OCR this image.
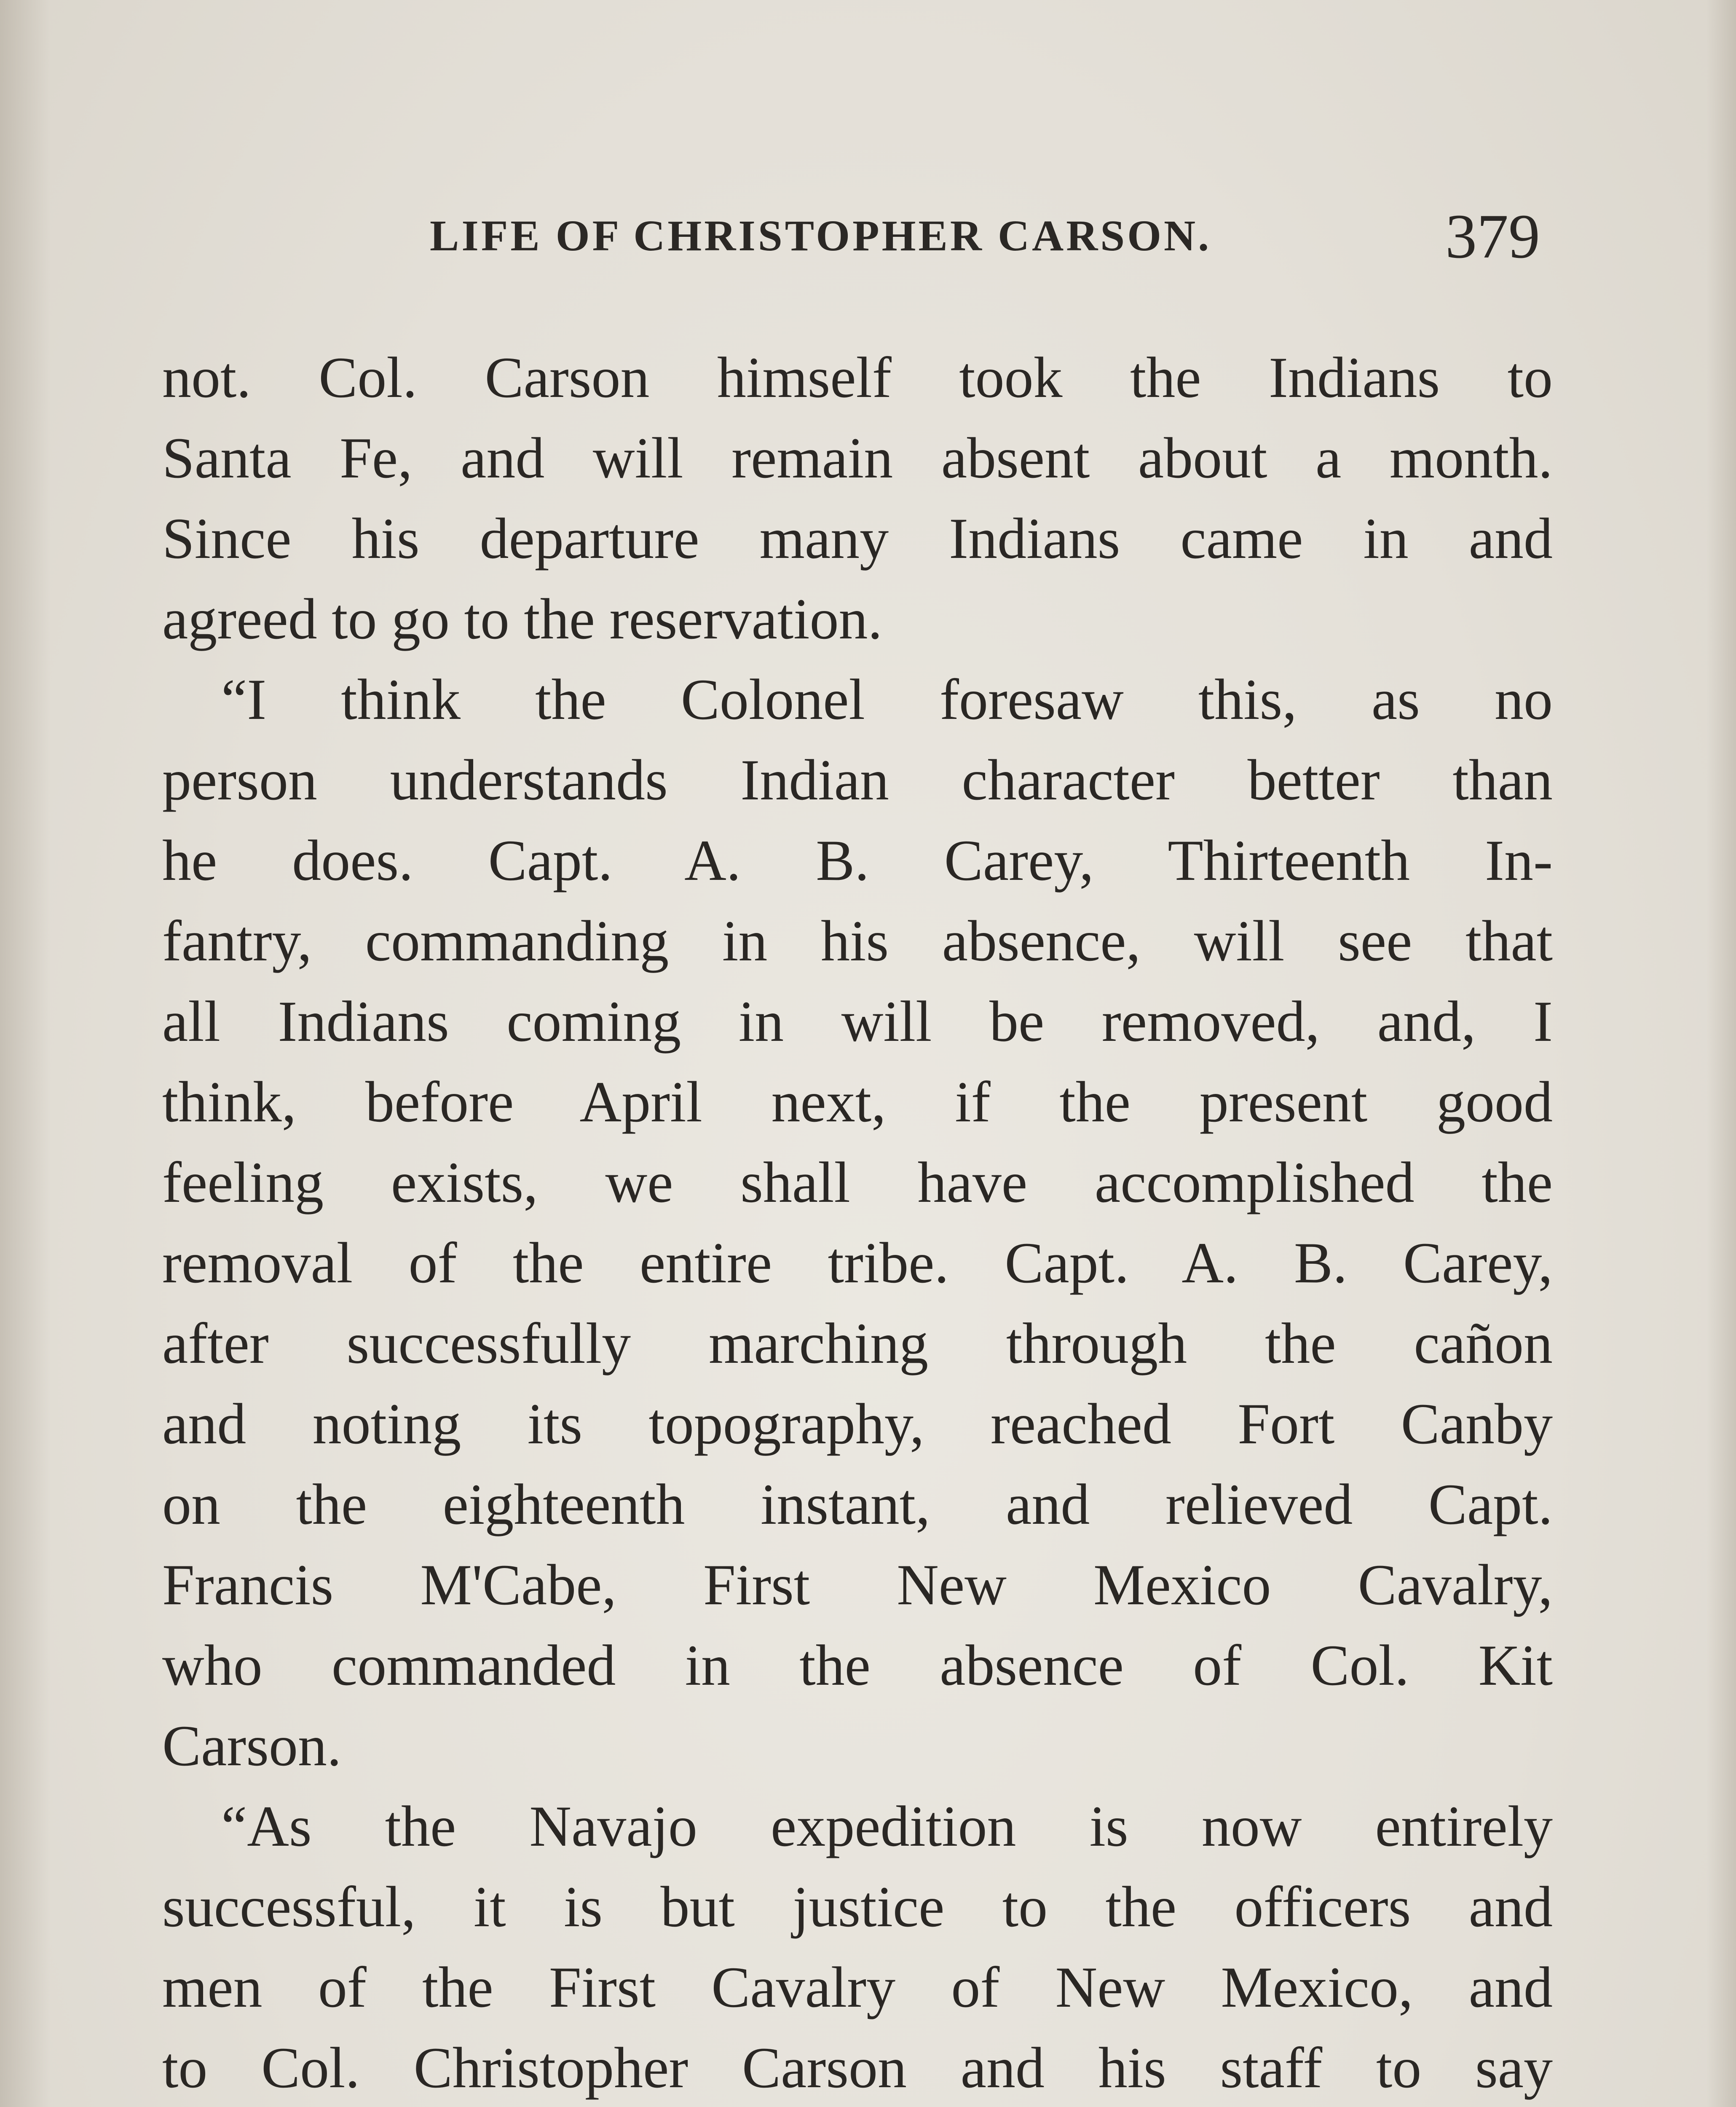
LIFE OF CHRISTOPHER CARSON.	379
not. Col. Carson himself took the Indians to
Santa Fe, and will remain absent about a month.
Since his departure many Indians came in and
agreed to go to the reservation.
“I think the Colonel foresaw this, as no
person understands Indian character better than
he does. Capt. A. B. Carey, Thirteenth In-
fantry, commanding in his absence, will see that
all Indians coming in will be removed, and, I
think, before April next, if the present good
feeling exists, we shall have accomplished the
removal of the entire tribe. Capt. A. B. Carey,
after successfully marching through the cañon
and noting its topography, reached Fort Canby
on the eighteenth instant, and relieved Capt.
Francis M'Cabe, First New Mexico Cavalry,
who commanded in the absence of Col. Kit
Carson.
“As the Navajo expedition is now entirely
successful, it is but justice to the officers and
men of the First Cavalry of New Mexico, and
to Col. Christopher Carson and his staff to say
